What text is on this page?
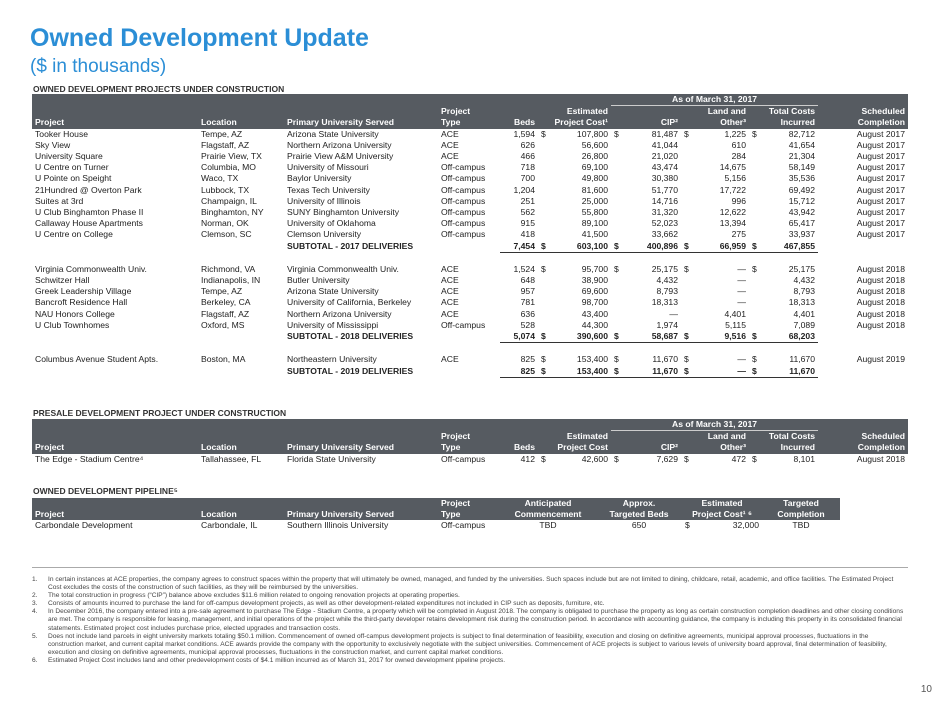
Owned Development Update
($ in thousands)
OWNED DEVELOPMENT PROJECTS UNDER CONSTRUCTION
							As of March 31, 2017						
			Project		Estimated				Land and		Total Costs		Scheduled
Project	Location	Primary University Served	Type	Beds	Project Cost¹		CIP²		Other³		Incurred		Completion
Tooker House	Tempe, AZ	Arizona State University	ACE	1,594	$	107,800	$	81,487	$	1,225	$	82,712	August 2017
Sky View	Flagstaff, AZ	Northern Arizona University	ACE	626		56,600		41,044		610		41,654	August 2017
University Square	Prairie View, TX	Prairie View A&M University	ACE	466		26,800		21,020		284		21,304	August 2017
U Centre on Turner	Columbia, MO	University of Missouri	Off-campus	718		69,100		43,474		14,675		58,149	August 2017
U Pointe on Speight	Waco, TX	Baylor University	Off-campus	700		49,800		30,380		5,156		35,536	August 2017
21Hundred @ Overton Park	Lubbock, TX	Texas Tech University	Off-campus	1,204		81,600		51,770		17,722		69,492	August 2017
Suites at 3rd	Champaign, IL	University of Illinois	Off-campus	251		25,000		14,716		996		15,712	August 2017
U Club Binghamton Phase II	Binghamton, NY	SUNY Binghamton University	Off-campus	562		55,800		31,320		12,622		43,942	August 2017
Callaway House Apartments	Norman, OK	University of Oklahoma	Off-campus	915		89,100		52,023		13,394		65,417	August 2017
U Centre on College	Clemson, SC	Clemson University	Off-campus	418		41,500		33,662		275		33,937	August 2017
		SUBTOTAL - 2017 DELIVERIES		7,454	$	603,100	$	400,896	$	66,959	$	467,855	

Virginia Commonwealth Univ.	Richmond, VA	Virginia Commonwealth Univ.	ACE	1,524	$	95,700	$	25,175	$	—	$	25,175	August 2018
Schwitzer Hall	Indianapolis, IN	Butler University	ACE	648		38,900		4,432		—		4,432	August 2018
Greek Leadership Village	Tempe, AZ	Arizona State University	ACE	957		69,600		8,793		—		8,793	August 2018
Bancroft Residence Hall	Berkeley, CA	University of California, Berkeley	ACE	781		98,700		18,313		—		18,313	August 2018
NAU Honors College	Flagstaff, AZ	Northern Arizona University	ACE	636		43,400		—		4,401		4,401	August 2018
U Club Townhomes	Oxford, MS	University of Mississippi	Off-campus	528		44,300		1,974		5,115		7,089	August 2018
		SUBTOTAL - 2018 DELIVERIES		5,074	$	390,600	$	58,687	$	9,516	$	68,203	

Columbus Avenue Student Apts.	Boston, MA	Northeastern University	ACE	825	$	153,400	$	11,670	$	—	$	11,670	August 2019
		SUBTOTAL - 2019 DELIVERIES		825	$	153,400	$	11,670	$	—	$	11,670	
PRESALE DEVELOPMENT PROJECT UNDER CONSTRUCTION
							As of March 31, 2017						
			Project		Estimated				Land and		Total Costs		Scheduled
Project	Location	Primary University Served	Type	Beds	Project Cost		CIP²		Other³		Incurred		Completion
The Edge - Stadium Centre⁴	Tallahassee, FL	Florida State University	Off-campus	412	$	42,600	$	7,629	$	472	$	8,101	August 2018
OWNED DEVELOPMENT PIPELINE⁵
			Project	Anticipated	Approx.	Estimated		Targeted
Project	Location	Primary University Served	Type	Commencement	Targeted Beds	Project Cost¹ ⁶		Completion
Carbondale Development	Carbondale, IL	Southern Illinois University	Off-campus	TBD	650	$	32,000	TBD
1.	In certain instances at ACE properties, the company agrees to construct spaces within the property that will ultimately be owned, managed, and funded by the universities. Such spaces include but are not limited to dining, childcare, retail, academic, and office facilities. The Estimated Project Cost excludes the costs of the construction of such facilities, as they will be reimbursed by the universities.
2.	The total construction in progress (“CIP”) balance above excludes $11.6 million related to ongoing renovation projects at operating properties.
3.	Consists of amounts incurred to purchase the land for off-campus development projects, as well as other development-related expenditures not included in CIP such as deposits, furniture, etc.
4.	In December 2016, the company entered into a pre-sale agreement to purchase The Edge - Stadium Centre, a property which will be completed in August 2018. The company is obligated to purchase the property as long as certain construction completion deadlines and other closing conditions are met. The company is responsible for leasing, management, and initial operations of the project while the third-party developer retains development risk during the construction period. In accordance with accounting guidance, the company is including this property in its consolidated financial statements. Estimated project cost includes purchase price, elected upgrades and transaction costs.
5.	Does not include land parcels in eight university markets totaling $50.1 million. Commencement of owned off-campus development projects is subject to final determination of feasibility, execution and closing on definitive agreements, municipal approval processes, fluctuations in the construction market, and current capital market conditions. ACE awards provide the company with the opportunity to exclusively negotiate with the subject universities. Commencement of ACE projects is subject to various levels of university board approval, final determination of feasibility, execution and closing on definitive agreements, municipal approval processes, fluctuations in the construction market, and current capital market conditions.
6.	Estimated Project Cost includes land and other predevelopment costs of $4.1 million incurred as of March 31, 2017 for owned development pipeline projects.
10
